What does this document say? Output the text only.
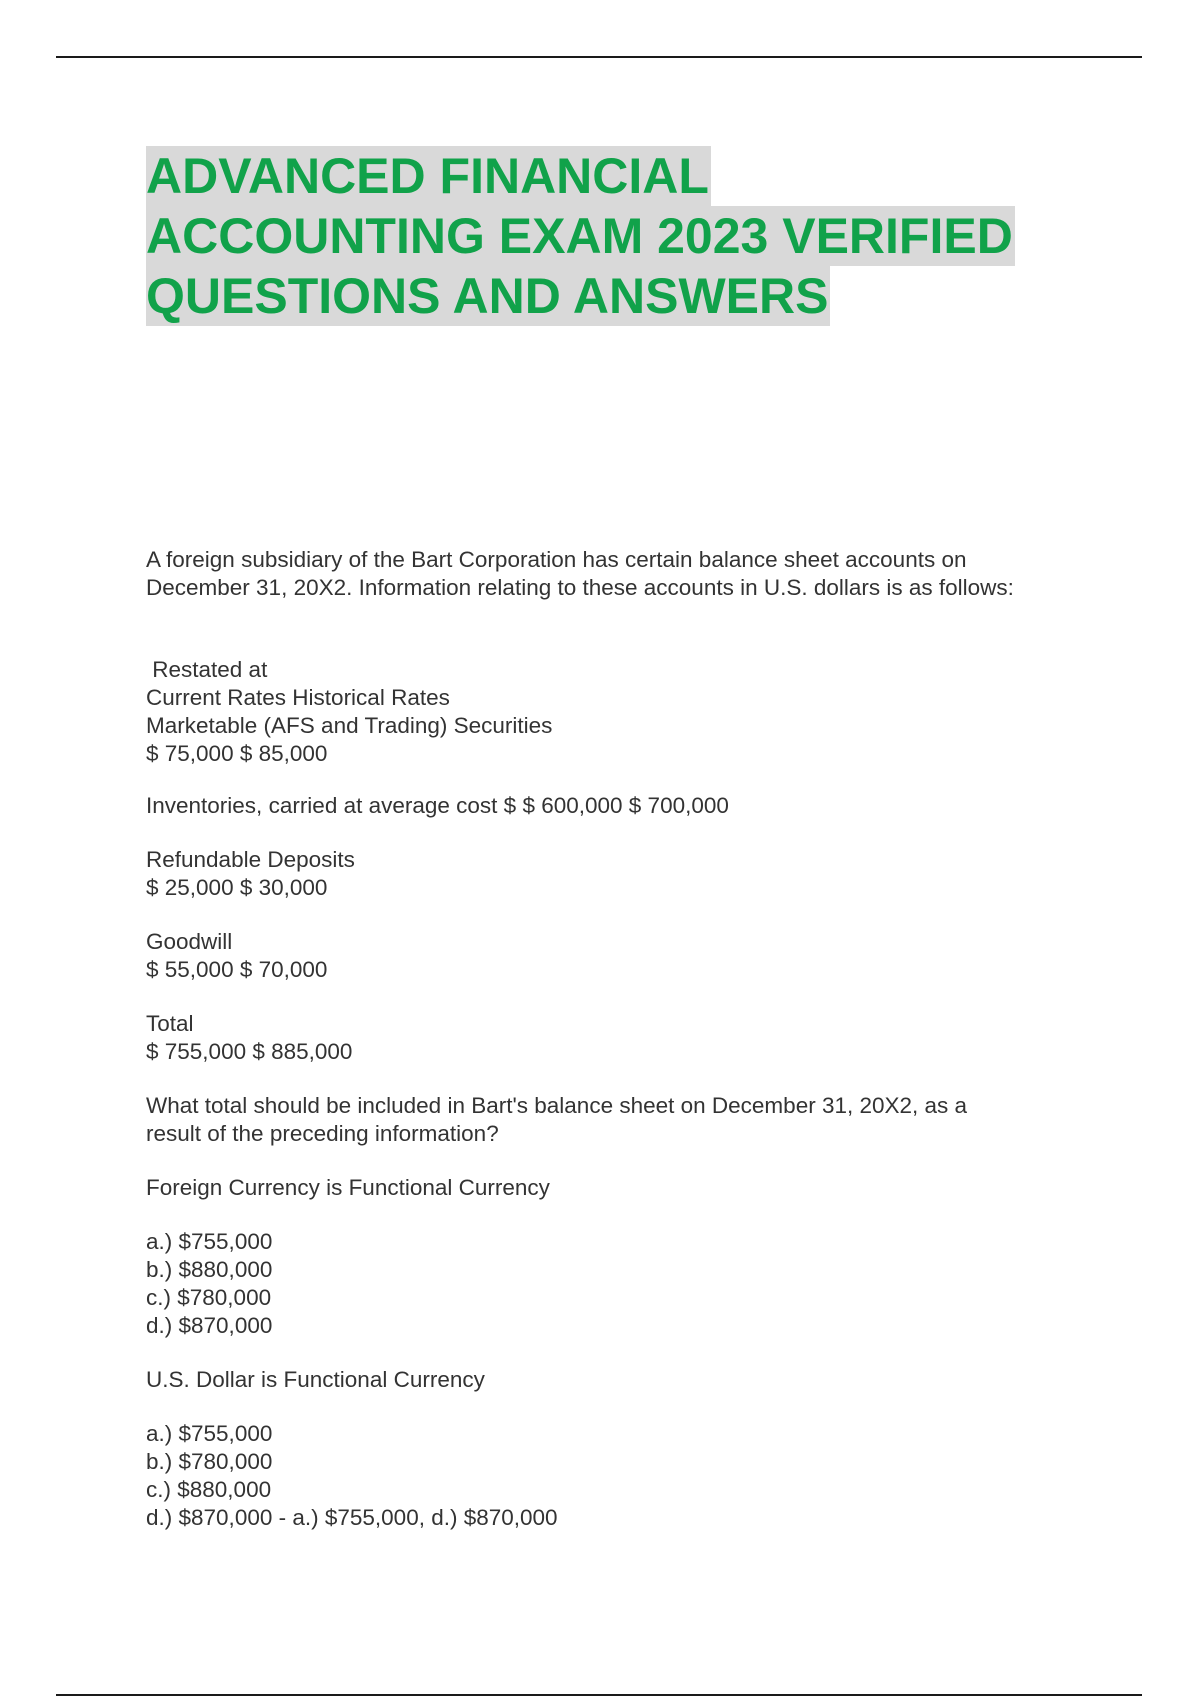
ADVANCED FINANCIAL
ACCOUNTING EXAM 2023 VERIFIED
QUESTIONS AND ANSWERS

A foreign subsidiary of the Bart Corporation has certain balance sheet accounts on
December 31, 20X2. Information relating to these accounts in U.S. dollars is as follows:

Restated at
Current Rates Historical Rates
Marketable (AFS and Trading) Securities
$ 75,000 $ 85,000

Inventories, carried at average cost $ $ 600,000 $ 700,000

Refundable Deposits
$ 25,000 $ 30,000

Goodwill
$ 55,000 $ 70,000

Total
$ 755,000 $ 885,000

What total should be included in Bart's balance sheet on December 31, 20X2, as a
result of the preceding information?

Foreign Currency is Functional Currency

a.) $755,000
b.) $880,000
c.) $780,000
d.) $870,000

U.S. Dollar is Functional Currency

a.) $755,000
b.) $780,000
c.) $880,000
d.) $870,000 - a.) $755,000, d.) $870,000
